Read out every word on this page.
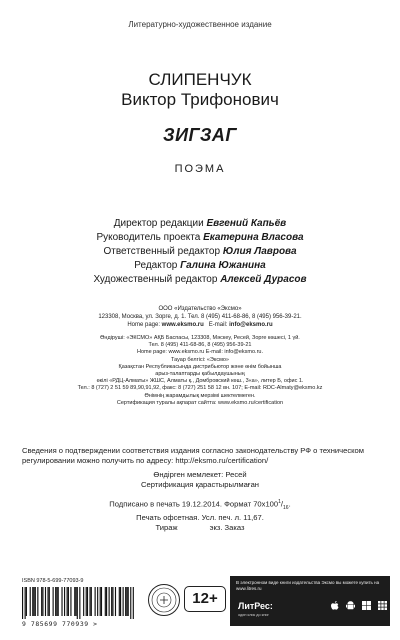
Литературно-художественное издание
СЛИПЕНЧУК
Виктор Трифонович
ЗИГЗАГ
ПОЭМА
Директор редакции Евгений Капьёв
Руководитель проекта Екатерина Власова
Ответственный редактор Юлия Лаврова
Редактор Галина Южанина
Художественный редактор Алексей Дурасов
ООО «Издательство «Эксмо»
123308, Москва, ул. Зорге, д. 1. Тел. 8 (495) 411-68-86, 8 (495) 956-39-21.
Home page: www.eksmo.ru   E-mail: info@eksmo.ru
Өндіруші: «ЭКСМО» АҚБ Баспасы, 123308, Мәскеу, Ресей, Зорге көшесі, 1 үй.
Тел. 8 (495) 411-68-86, 8 (495) 956-39-21
Home page: www.eksmo.ru E-mail: info@eksmo.ru.
Тауар белгісі: «Эксмо»
Қазақстан Республикасында дистрибьютор және өнім бойынша
арыз-талаптарды қабылдаушының
өкілі «РДЦ-Алматы» ЖШС, Алматы қ., Домбровский көш., 3«а», литер Б, офис 1.
Тел.: 8 (727) 2 51 59 89,90,91,92, факс: 8 (727) 251 58 12 вн. 107; E-mail: RDC-Almaty@eksmo.kz
Өнімнің жарамдылық мерзімі шектелмеген.
Сертификация туралы ақпарат сайтта: www.eksmo.ru/certification
Сведения о подтверждении соответствия издания согласно законодательству РФ о техническом регулировании можно получить по адресу: http://eksmo.ru/certification/
Өндірген мемлекет: Ресей
Сертификация қарастырылмаған
Подписано в печать 19.12.2014. Формат $70x100^1/_{16}$.
Печать офсетная. Усл. печ. л. 11,67.
Тираж	экз. Заказ
ISBN 978-5-699-77093-9
9 785699 770939 >
12+
В электронном виде книги издательства Эксмо вы можете купить на www.litres.ru
ЛитРес:
один клик до книг
